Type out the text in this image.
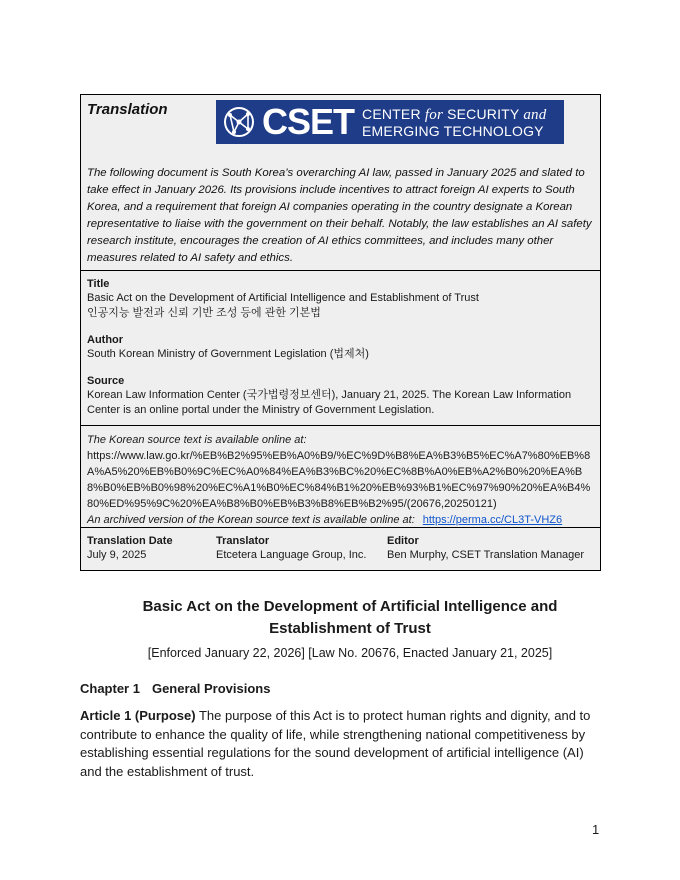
Translation	CSET CENTER for SECURITY and
EMERGING TECHNOLOGY
The following document is South Korea’s overarching AI law, passed in January 2025 and slated to take effect in January 2026. Its provisions include incentives to attract foreign AI experts to South Korea, and a requirement that foreign AI companies operating in the country designate a Korean representative to liaise with the government on their behalf. Notably, the law establishes an AI safety research institute, encourages the creation of AI ethics committees, and includes many other measures related to AI safety and ethics.
Title
Basic Act on the Development of Artificial Intelligence and Establishment of Trust
인공지능 발전과 신뢰 기반 조성 등에 관한 기본법
Author
South Korean Ministry of Government Legislation (법제처)
Source
Korean Law Information Center (국가법령정보센터), January 21, 2025. The Korean Law Information Center is an online portal under the Ministry of Government Legislation.
The Korean source text is available online at:
https://www.law.go.kr/%EB%B2%95%EB%A0%B9/%EC%9D%B8%EA%B3%B5%EC%A7%80%EB%8A%A5%20%EB%B0%9C%EC%A0%84%EA%B3%BC%20%EC%8B%A0%EB%A2%B0%20%EA%B8%B0%EB%B0%98%20%EC%A1%B0%EC%84%B1%20%EB%93%B1%EC%97%90%20%EA%B4%80%ED%95%9C%20%EA%B8%B0%EB%B3%B8%EB%B2%95/(20676,20250121)
An archived version of the Korean source text is available online at: https://perma.cc/CL3T-VHZ6
Translation Date
July 9, 2025
Translator
Etcetera Language Group, Inc.
Editor
Ben Murphy, CSET Translation Manager
Basic Act on the Development of Artificial Intelligence and
Establishment of Trust
[Enforced January 22, 2026] [Law No. 20676, Enacted January 21, 2025]
Chapter 1 General Provisions
Article 1 (Purpose) The purpose of this Act is to protect human rights and dignity, and to contribute to enhance the quality of life, while strengthening national competitiveness by establishing essential regulations for the sound development of artificial intelligence (AI) and the establishment of trust.
1
